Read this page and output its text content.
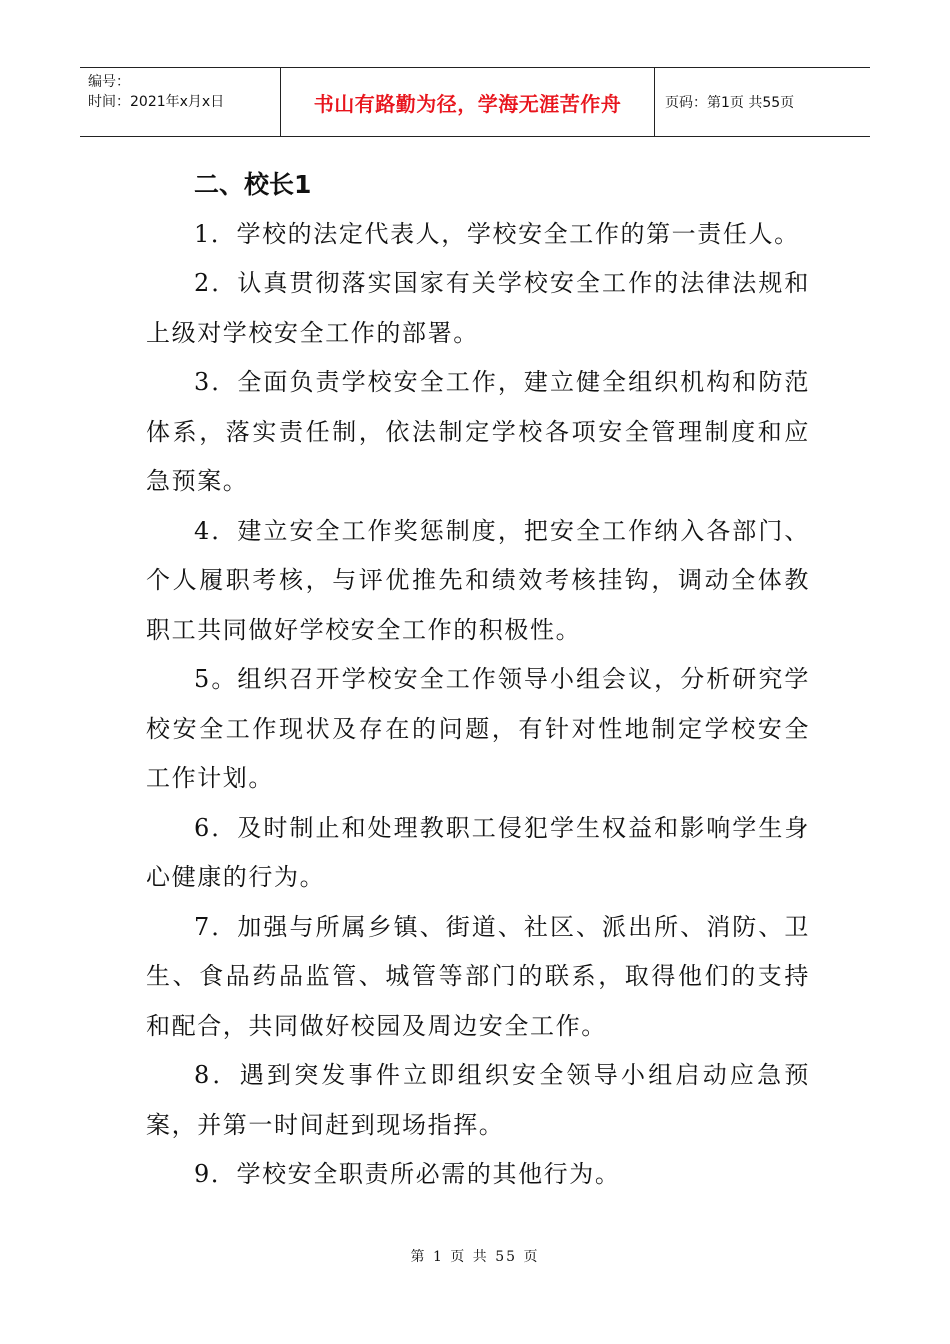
编号：
时间：2021年x月x日	书山有路勤为径，学海无涯苦作舟	页码：第1页 共55页
二、校长1
1．学校的法定代表人，学校安全工作的第一责任人。
2．认真贯彻落实国家有关学校安全工作的法律法规和上级对学校安全工作的部署。
3．全面负责学校安全工作，建立健全组织机构和防范体系，落实责任制，依法制定学校各项安全管理制度和应急预案。
4．建立安全工作奖惩制度，把安全工作纳入各部门、个人履职考核，与评优推先和绩效考核挂钩，调动全体教职工共同做好学校安全工作的积极性。
5。组织召开学校安全工作领导小组会议，分析研究学校安全工作现状及存在的问题，有针对性地制定学校安全工作计划。
6．及时制止和处理教职工侵犯学生权益和影响学生身心健康的行为。
7．加强与所属乡镇、街道、社区、派出所、消防、卫生、食品药品监管、城管等部门的联系，取得他们的支持和配合，共同做好校园及周边安全工作。
8．遇到突发事件立即组织安全领导小组启动应急预案，并第一时间赶到现场指挥。
9．学校安全职责所必需的其他行为。
第 1 页 共 55 页
